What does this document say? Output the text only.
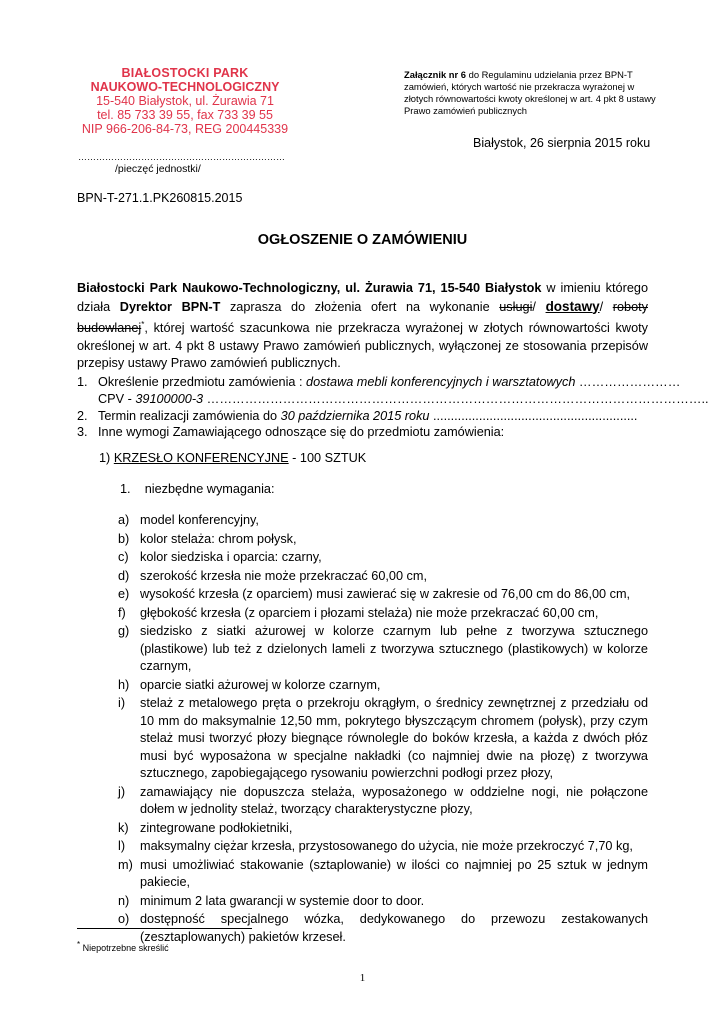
BIAŁOSTOCKI PARK
NAUKOWO-TECHNOLOGICZNY
15-540 Białystok, ul. Żurawia 71
tel. 85 733 39 55, fax 733 39 55
NIP 966-206-84-73, REG 200445339
……………………………………………………………
/pieczęć jednostki/
Załącznik nr 6 do Regulaminu udzielania przez BPN-T zamówień, których wartość nie przekracza wyrażonej w złotych równowartości kwoty określonej w art. 4 pkt 8 ustawy Prawo zamówień publicznych
Białystok, 26 sierpnia 2015 roku
BPN-T-271.1.PK260815.2015
OGŁOSZENIE O ZAMÓWIENIU
Białostocki Park Naukowo-Technologiczny, ul. Żurawia 71, 15-540 Białystok w imieniu którego działa Dyrektor BPN-T zaprasza do złożenia ofert na wykonanie usługi/ dostawy/ roboty budowlanej*, której wartość szacunkowa nie przekracza wyrażonej w złotych równowartości kwoty określonej w art. 4 pkt 8 ustawy Prawo zamówień publicznych, wyłączonej ze stosowania przepisów przepisy ustawy Prawo zamówień publicznych.
1. Określenie przedmiotu zamówienia : dostawa mebli konferencyjnych i warsztatowych ……………………
CPV - 39100000-3 ………………………………………………………………………………………………………..
2. Termin realizacji zamówienia do 30 października 2015 roku ..........................................................
3. Inne wymogi Zamawiającego odnoszące się do przedmiotu zamówienia:
1) KRZESŁO KONFERENCYJNE - 100 SZTUK
1. niezbędne wymagania:
a) model konferencyjny,
b) kolor stelaża: chrom połysk,
c) kolor siedziska i oparcia: czarny,
d) szerokość krzesła nie może przekraczać 60,00 cm,
e) wysokość krzesła (z oparciem) musi zawierać się w zakresie od 76,00 cm do 86,00 cm,
f) głębokość krzesła (z oparciem i płozami stelaża) nie może przekraczać 60,00 cm,
g) siedzisko z siatki ażurowej w kolorze czarnym lub pełne z tworzywa sztucznego (plastikowe) lub też z dzielonych lameli z tworzywa sztucznego (plastikowych) w kolorze czarnym,
h) oparcie siatki ażurowej w kolorze czarnym,
i) stelaż z metalowego pręta o przekroju okrągłym, o średnicy zewnętrznej z przedziału od 10 mm do maksymalnie 12,50 mm, pokrytego błyszczącym chromem (połysk), przy czym stelaż musi tworzyć płozy biegnące równolegle do boków krzesła, a każda z dwóch płóz musi być wyposażona w specjalne nakładki (co najmniej dwie na płozę) z tworzywa sztucznego, zapobiegającego rysowaniu powierzchni podłogi przez płozy,
j) zamawiający nie dopuszcza stelaża, wyposażonego w oddzielne nogi, nie połączone dołem w jednolity stelaż, tworzący charakterystyczne płozy,
k) zintegrowane podłokietniki,
l) maksymalny ciężar krzesła, przystosowanego do użycia, nie może przekroczyć 7,70 kg,
m) musi umożliwiać stakowanie (sztaplowanie) w ilości co najmniej po 25 sztuk w jednym pakiecie,
n) minimum 2 lata gwarancji w systemie door to door.
o) dostępność specjalnego wózka, dedykowanego do przewozu zestakowanych (zesztaplowanych) pakietów krzeseł.
* Niepotrzebne skreślić
1
